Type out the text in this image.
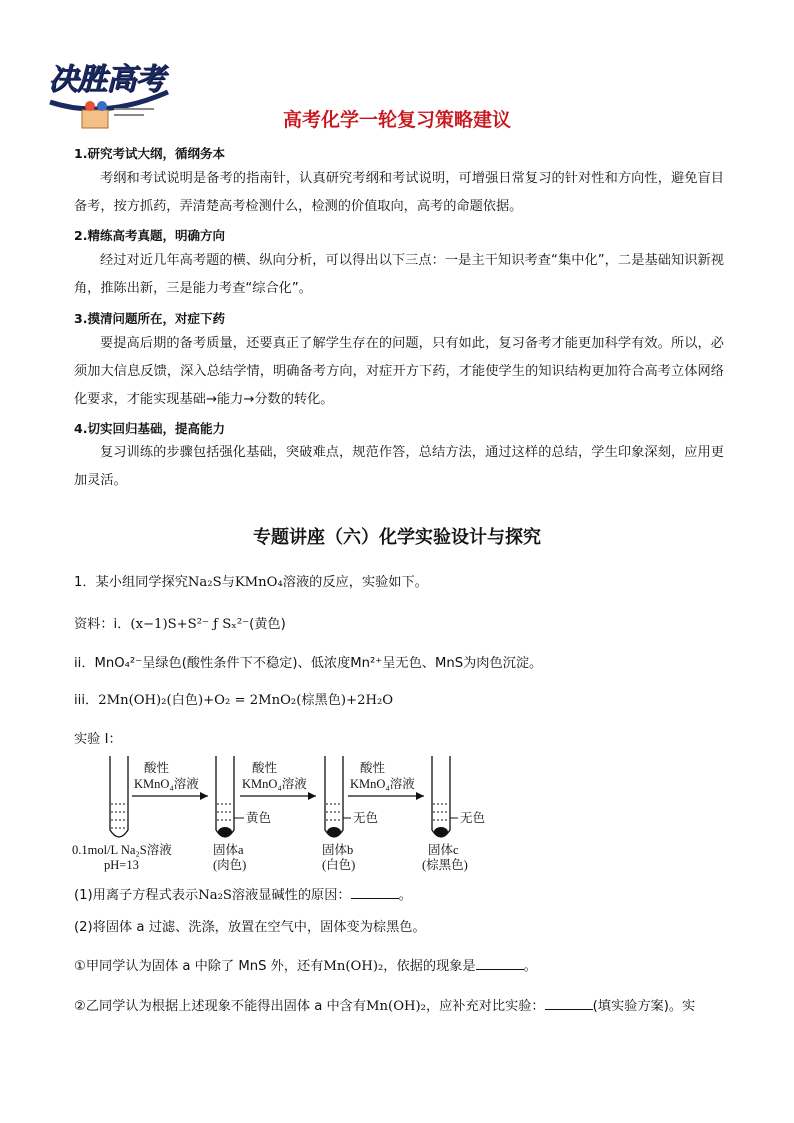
决胜高考
高考化学一轮复习策略建议
1.研究考试大纲，循纲务本
考纲和考试说明是备考的指南针，认真研究考纲和考试说明，可增强日常复习的针对性和方向性，避免盲目备考，按方抓药，弄清楚高考检测什么，检测的价值取向，高考的命题依据。
2.精练高考真题，明确方向
经过对近几年高考题的横、纵向分析，可以得出以下三点：一是主干知识考查“集中化”，二是基础知识新视角，推陈出新，三是能力考查“综合化”。
3.摸清问题所在，对症下药
要提高后期的备考质量，还要真正了解学生存在的问题，只有如此，复习备考才能更加科学有效。所以，必须加大信息反馈，深入总结学情，明确备考方向，对症开方下药，才能使学生的知识结构更加符合高考立体网络化要求，才能实现基础→能力→分数的转化。
4.切实回归基础，提高能力
复习训练的步骤包括强化基础，突破难点，规范作答，总结方法，通过这样的总结，学生印象深刻，应用更加灵活。
专题讲座（六）化学实验设计与探究
1．某小组同学探究Na₂S与KMnO₄溶液的反应，实验如下。
资料：i．(x−1)S+S²⁻ ƒ Sₓ²⁻(黄色)
ii．MnO₄²⁻呈绿色(酸性条件下不稳定)、低浓度Mn²⁺呈无色、MnS为肉色沉淀。
iii．2Mn(OH)₂(白色)+O₂ = 2MnO₂(棕黑色)+2H₂O
实验 I：
0.1mol/L Na₂S溶液
pH=13
酸性
KMnO₄溶液
黄色
固体a
(肉色)
酸性
KMnO₄溶液
无色
固体b
(白色)
酸性
KMnO₄溶液
无色
固体c
(棕黑色)
(1)用离子方程式表示Na₂S溶液显碱性的原因：	。
(2)将固体 a 过滤、洗涤，放置在空气中，固体变为棕黑色。
①甲同学认为固体 a 中除了 MnS 外，还有Mn(OH)₂，依据的现象是	。
②乙同学认为根据上述现象不能得出固体 a 中含有Mn(OH)₂，应补充对比实验：	(填实验方案)。实
